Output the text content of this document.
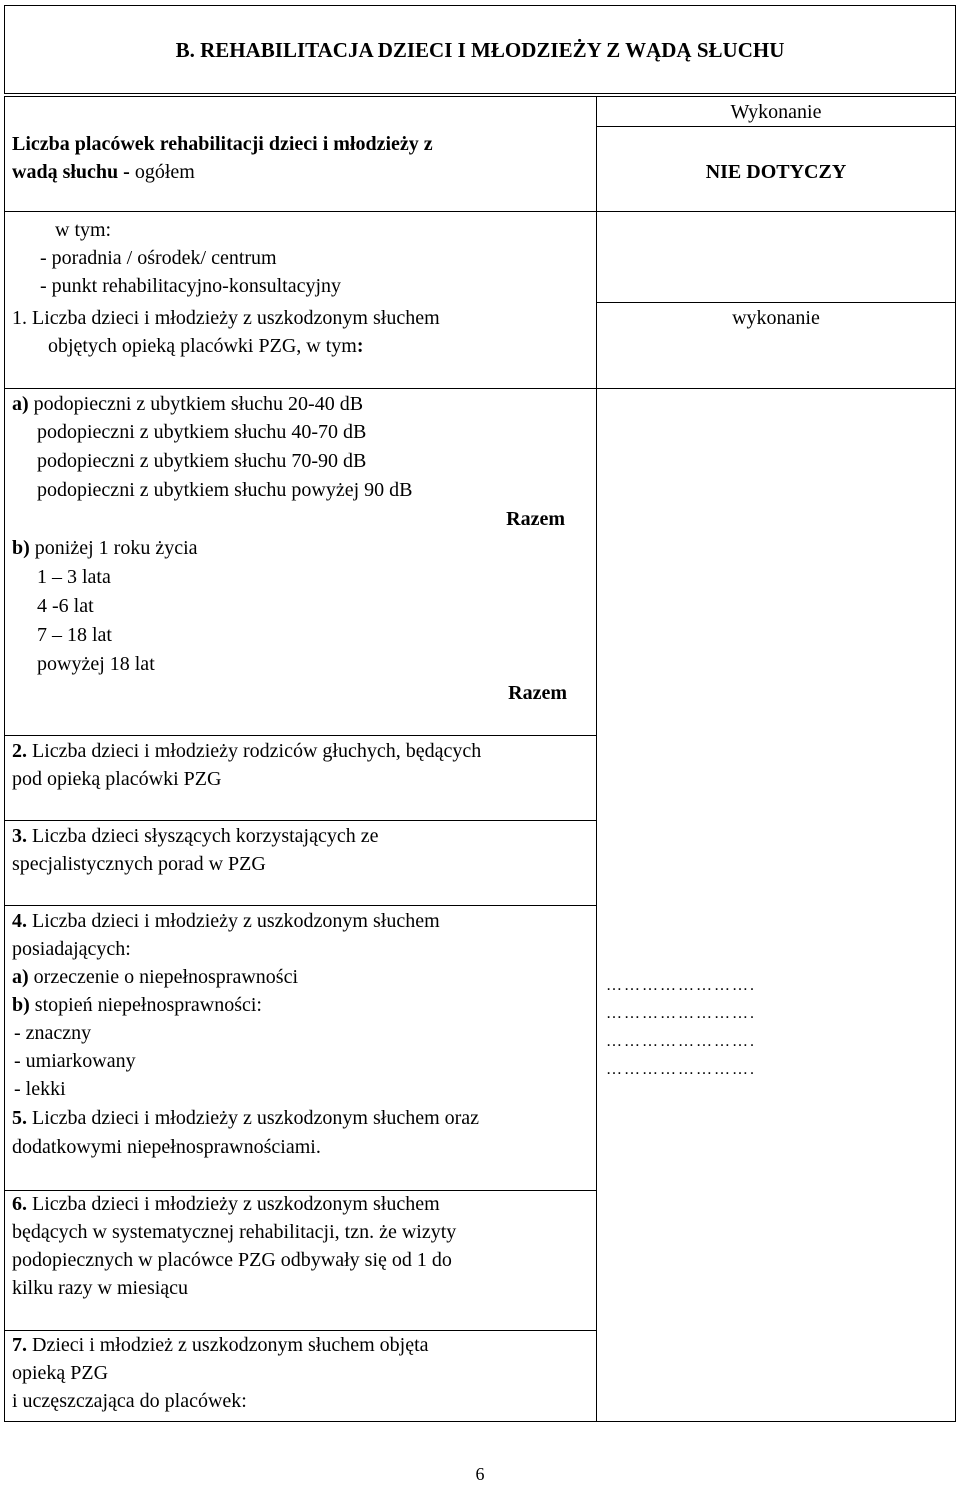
B. REHABILITACJA DZIECI I MŁODZIEŻY Z WĄDĄ SŁUCHU
Liczba placówek rehabilitacji dzieci i młodzieży z
wadą słuchu - ogółem
Wykonanie
NIE DOTYCZY
w tym:
- poradnia / ośrodek/ centrum
- punkt rehabilitacyjno-konsultacyjny
1. Liczba dzieci i młodzieży z uszkodzonym słuchem
objętych opieką placówki PZG, w tym:
wykonanie
a) podopieczni z ubytkiem słuchu 20-40 dB
podopieczni z ubytkiem słuchu 40-70 dB
podopieczni z ubytkiem słuchu 70-90 dB
podopieczni z ubytkiem słuchu powyżej 90 dB
Razem
b) poniżej 1 roku życia
1 – 3 lata
4 -6 lat
7 – 18 lat
powyżej 18 lat
Razem
2. Liczba dzieci i młodzieży rodziców głuchych, będących
pod opieką placówki PZG
3. Liczba dzieci słyszących korzystających ze
specjalistycznych porad w PZG
4. Liczba dzieci i młodzieży z uszkodzonym słuchem
posiadających:
a) orzeczenie o niepełnosprawności
b) stopień niepełnosprawności:
- znaczny
- umiarkowany
- lekki
…………………….
…………………….
…………………….
…………………….
5. Liczba dzieci i młodzieży z uszkodzonym słuchem oraz
dodatkowymi niepełnosprawnościami.
6. Liczba dzieci i młodzieży z uszkodzonym słuchem
będących w systematycznej rehabilitacji, tzn. że wizyty
podopiecznych w placówce PZG odbywały się od 1 do
kilku razy w miesiącu
7. Dzieci i młodzież z uszkodzonym słuchem objęta
opieką PZG
i uczęszczająca do placówek:
6
